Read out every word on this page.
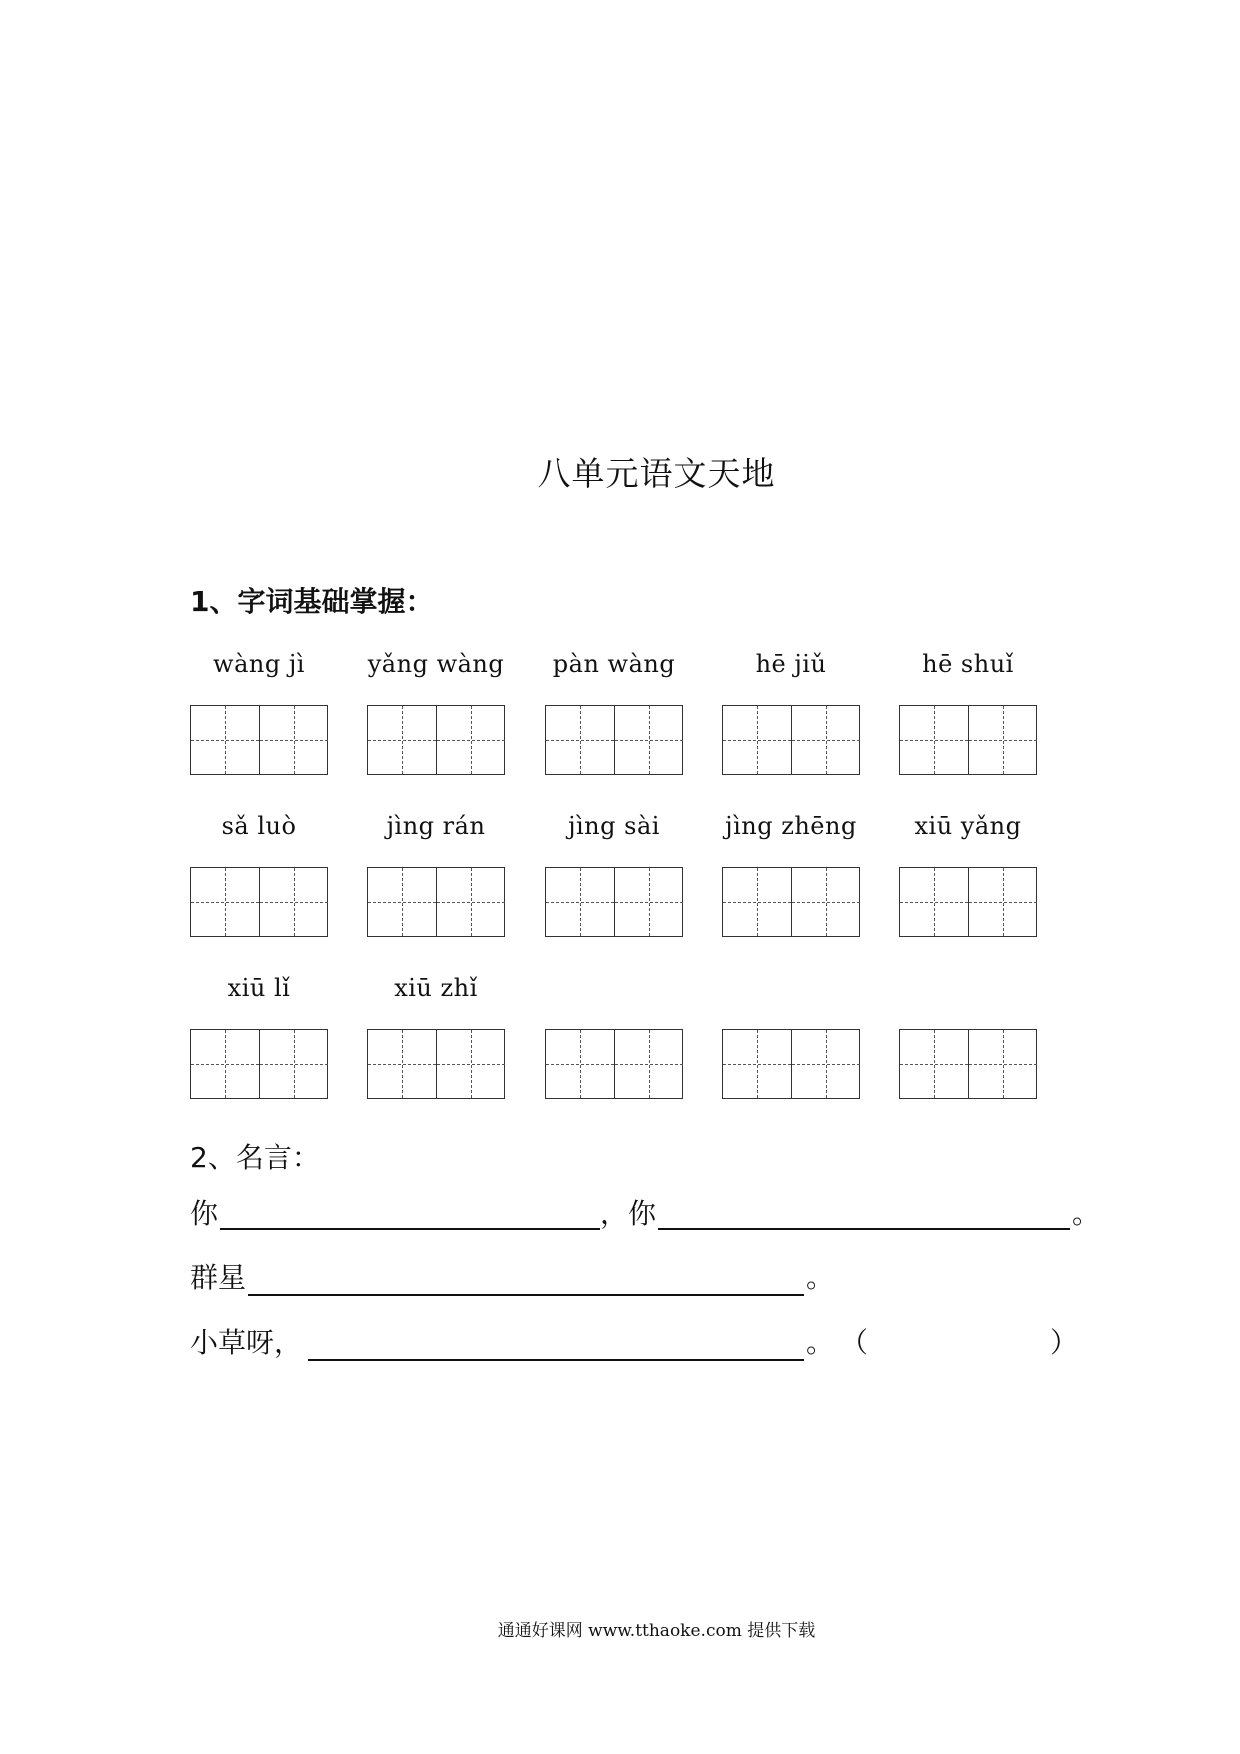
八单元语文天地
1、字词基础掌握：
wàng jì	yǎng wàng	pàn wàng	hē jiǔ	hē shuǐ
sǎ luò	jìng rán	jìng sài	jìng zhēng	xiū yǎng
xiū lǐ	xiū zhǐ
2、名言：
你	，你	。
群星	。
小草呀，	。 （	）
通通好课网 www.tthaoke.com 提供下载
